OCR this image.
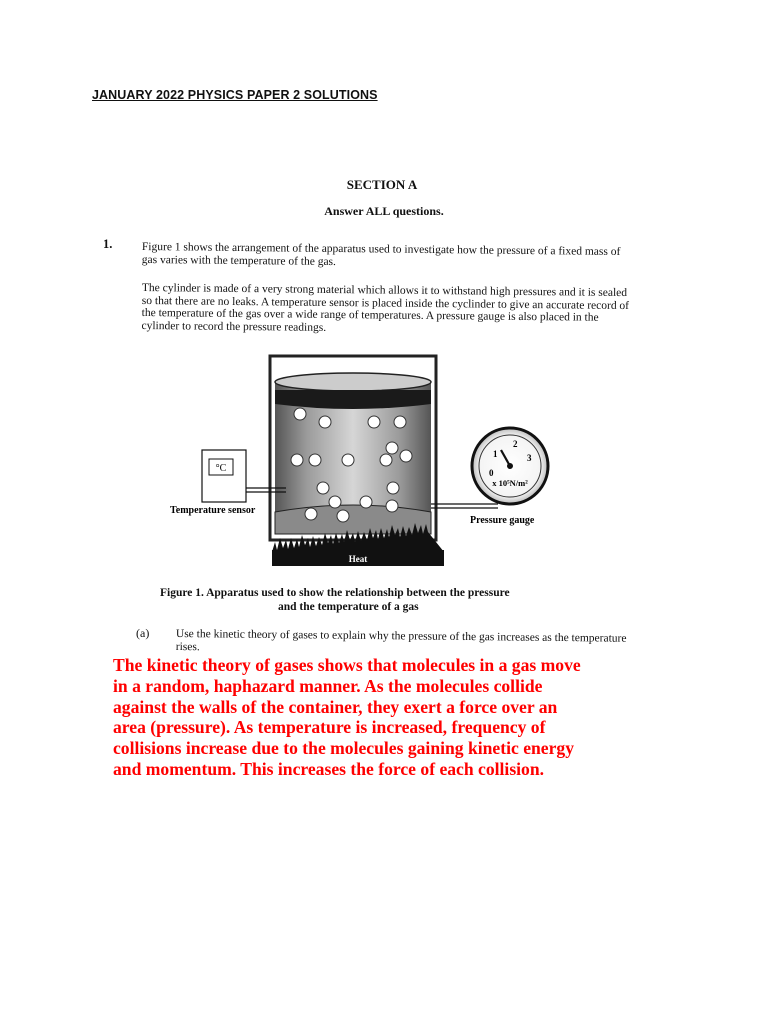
JANUARY 2022 PHYSICS PAPER 2 SOLUTIONS
SECTION A
Answer ALL questions.
1.	Figure 1 shows the arrangement of the apparatus used to investigate how the pressure of a fixed mass of gas varies with the temperature of the gas.
The cylinder is made of a very strong material which allows it to withstand high pressures and it is sealed so that there are no leaks. A temperature sensor is placed inside the cyclinder to give an accurate record of the temperature of the gas over a wide range of temperatures. A pressure gauge is also placed in the cylinder to record the pressure readings.
°C
Temperature sensor
0
1
2
3
x 10⁵N/m²
Pressure gauge
Heat
Figure 1. Apparatus used to show the relationship between the pressure
and the temperature of a gas
(a) Use the kinetic theory of gases to explain why the pressure of the gas increases as the temperature rises.
The kinetic theory of gases shows that molecules in a gas move
in a random, haphazard manner. As the molecules collide
against the walls of the container, they exert a force over an
area (pressure). As temperature is increased, frequency of
collisions increase due to the molecules gaining kinetic energy
and momentum. This increases the force of each collision.
